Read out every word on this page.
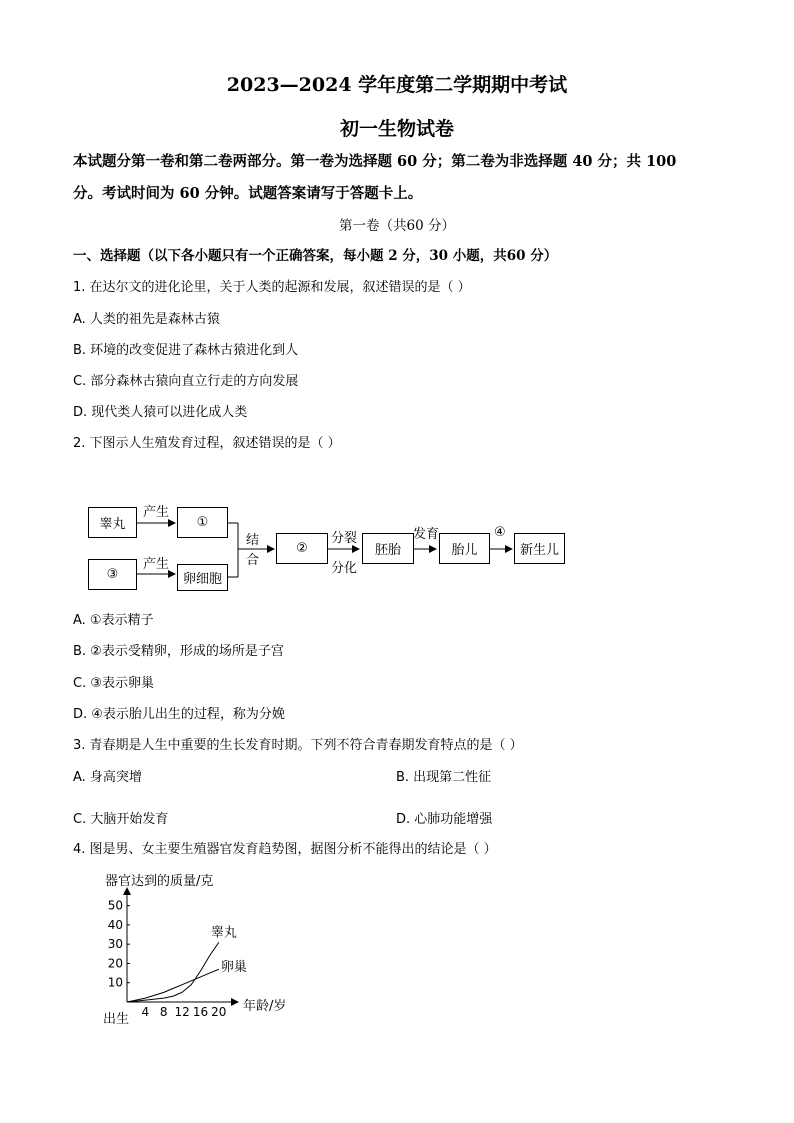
2023—2024 学年度第二学期期中考试
初一生物试卷
本试题分第一卷和第二卷两部分。第一卷为选择题 60 分；第二卷为非选择题 40 分；共 100
分。考试时间为 60 分钟。试题答案请写于答题卡上。
第一卷（共60 分）
一、选择题（以下各小题只有一个正确答案，每小题 2 分，30 小题，共60 分）
1. 在达尔文的进化论里，关于人类的起源和发展，叙述错误的是（ ）
A. 人类的祖先是森林古猿
B. 环境的改变促进了森林古猿进化到人
C. 部分森林古猿向直立行走的方向发展
D. 现代类人猿可以进化成人类
2. 下图示人生殖发育过程，叙述错误的是（ ）
睾丸	①
③	卵细胞
②	胚胎	胎儿	新生儿
产生
产生
结
合
分裂
分化
发育	④
A. ①表示精子
B. ②表示受精卵，形成的场所是子宫
C. ③表示卵巢
D. ④表示胎儿出生的过程，称为分娩
3. 青春期是人生中重要的生长发育时期。下列不符合青春期发育特点的是（ ）
A. 身高突增	B. 出现第二性征
C. 大脑开始发育	D. 心肺功能增强
4. 图是男、女主要生殖器官发育趋势图，据图分析不能得出的结论是（ ）
器官达到的质量/克
年龄/岁
出生
10
20
30
40
50
4 8 12 16 20
睾丸
卵巢
